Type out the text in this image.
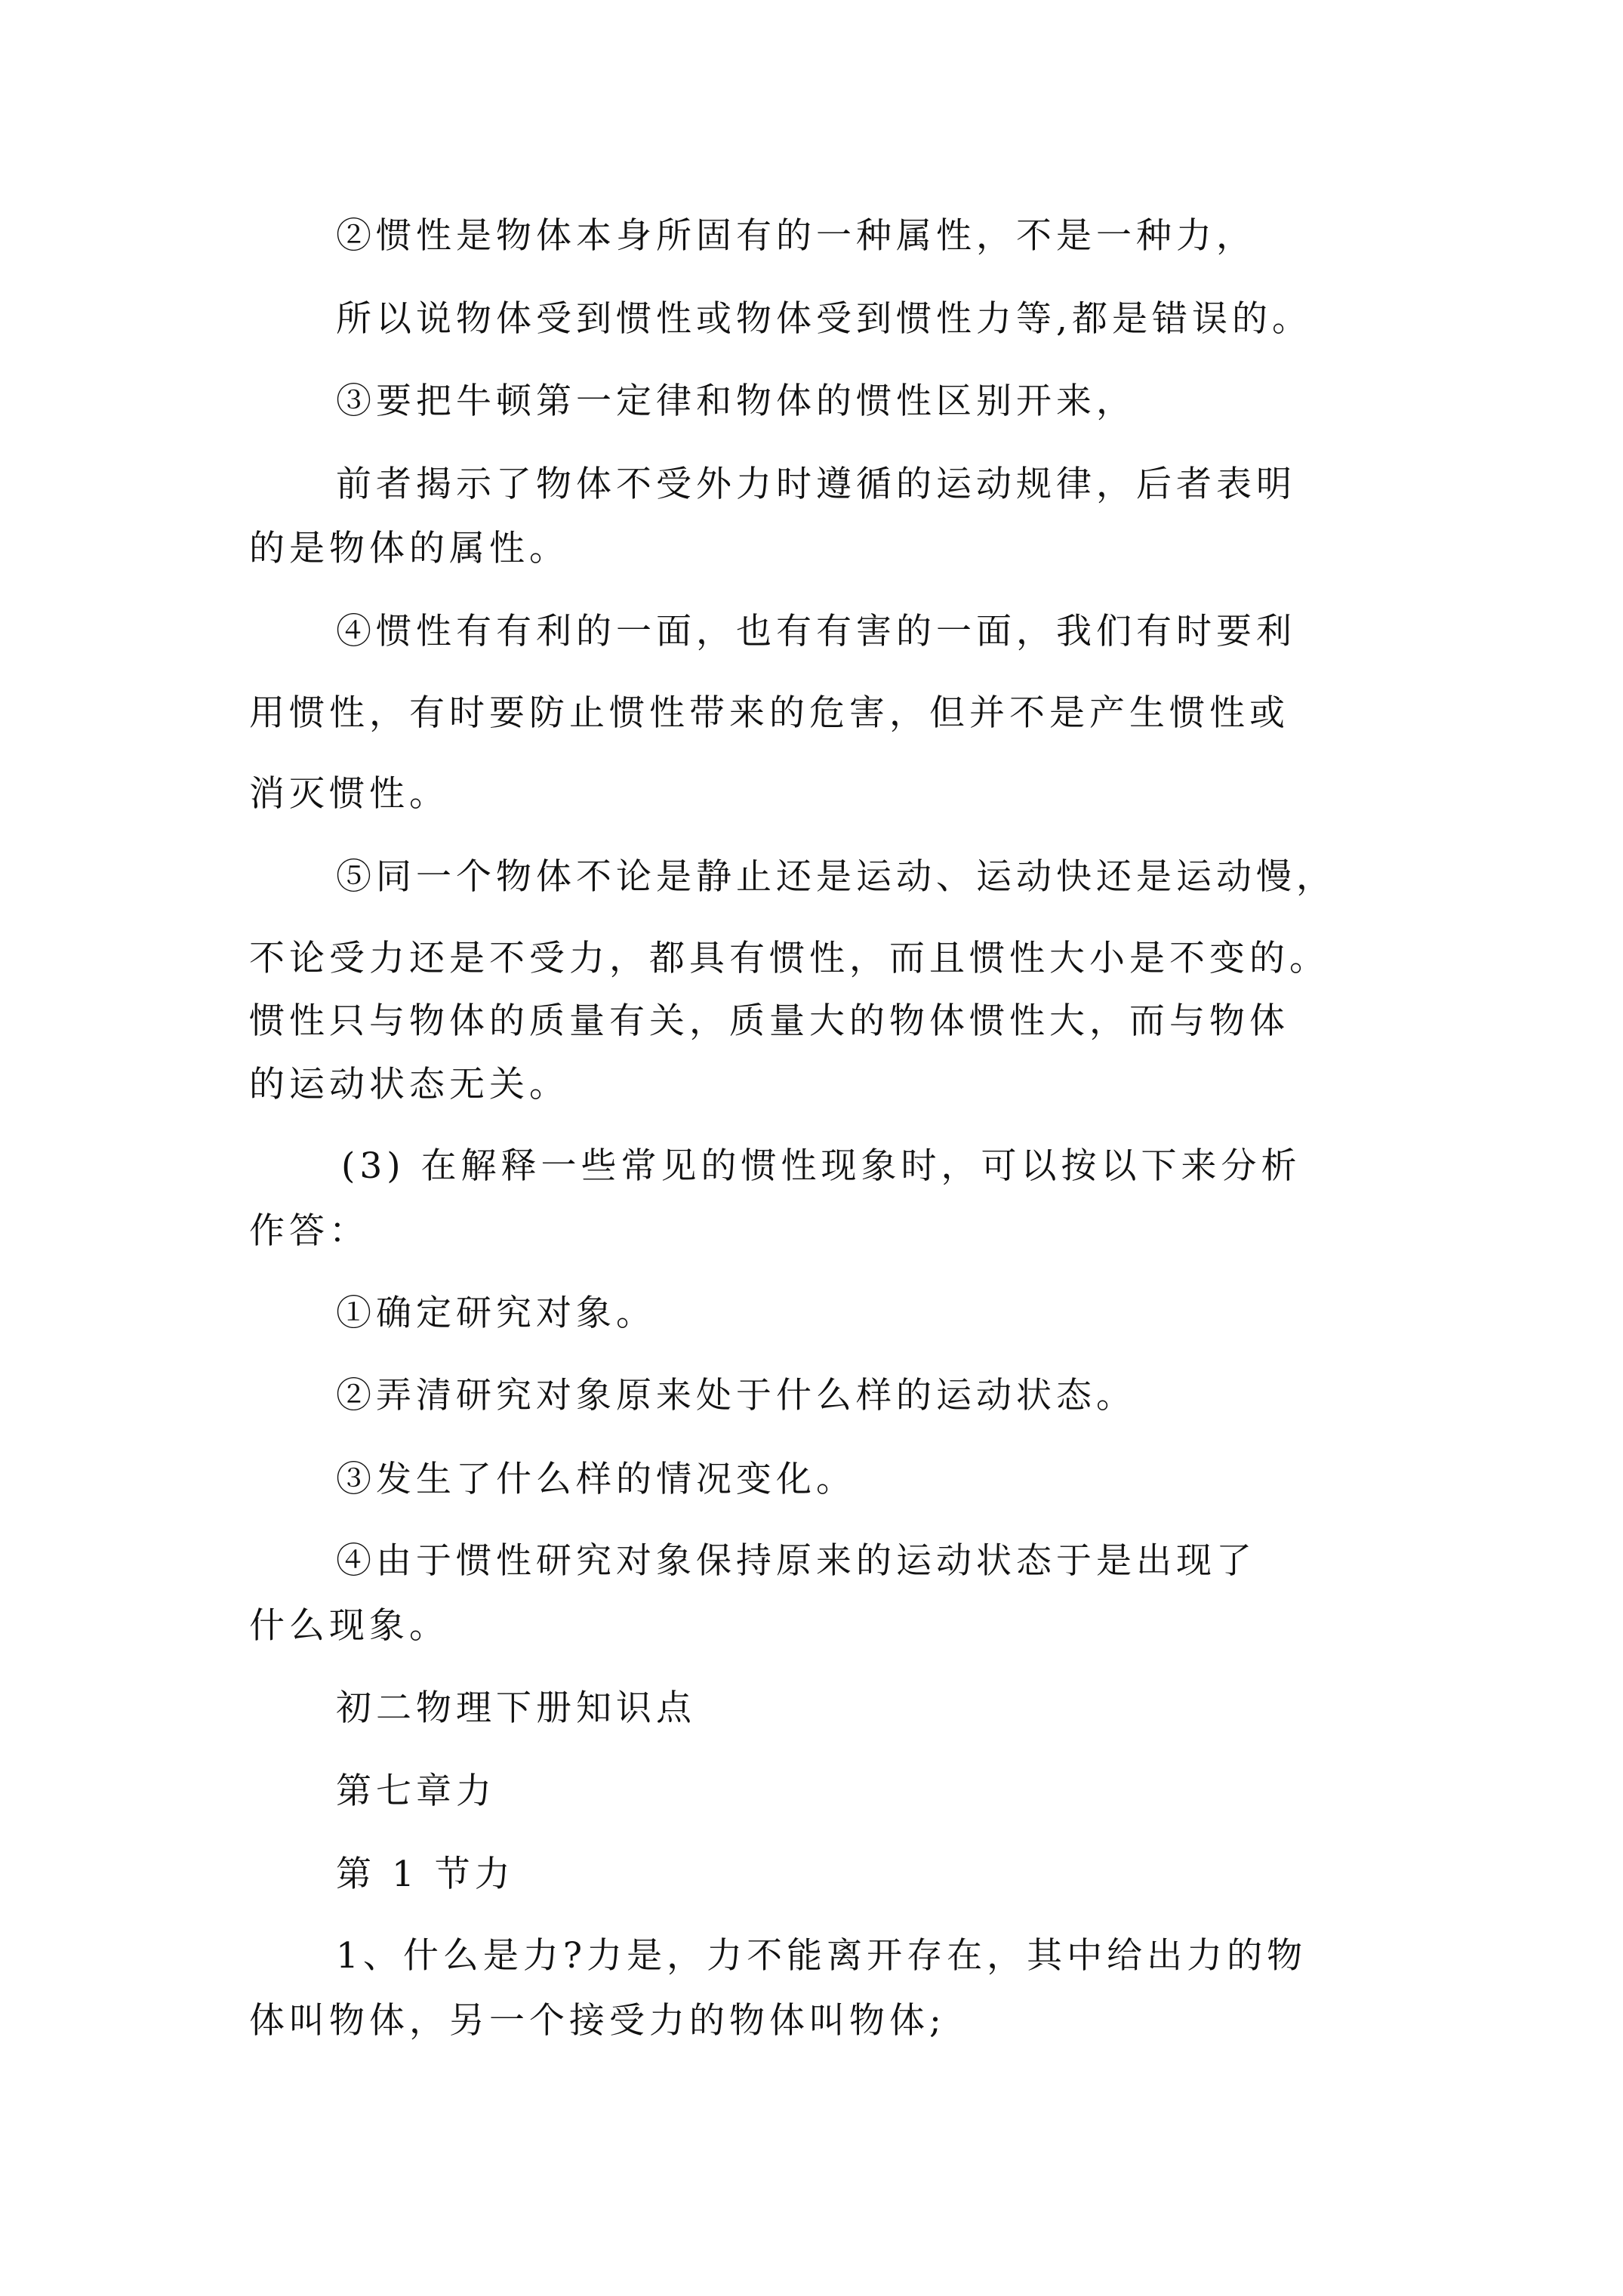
②惯性是物体本身所固有的一种属性，不是一种力，
所以说物体受到惯性或物体受到惯性力等,都是错误的。
③要把牛顿第一定律和物体的惯性区别开来，
前者揭示了物体不受外力时遵循的运动规律，后者表明
的是物体的属性。
④惯性有有利的一面，也有有害的一面，我们有时要利
用惯性，有时要防止惯性带来的危害，但并不是产生惯性或
消灭惯性。
⑤同一个物体不论是静止还是运动、运动快还是运动慢，
不论受力还是不受力，都具有惯性，而且惯性大小是不变的。
惯性只与物体的质量有关，质量大的物体惯性大，而与物体
的运动状态无关。
(3) 在解释一些常见的惯性现象时，可以按以下来分析
作答：
①确定研究对象。
②弄清研究对象原来处于什么样的运动状态。
③发生了什么样的情况变化。
④由于惯性研究对象保持原来的运动状态于是出现了
什么现象。
初二物理下册知识点
第七章力
第 1 节力
1、什么是力?力是，力不能离开存在，其中给出力的物
体叫物体，另一个接受力的物体叫物体;
